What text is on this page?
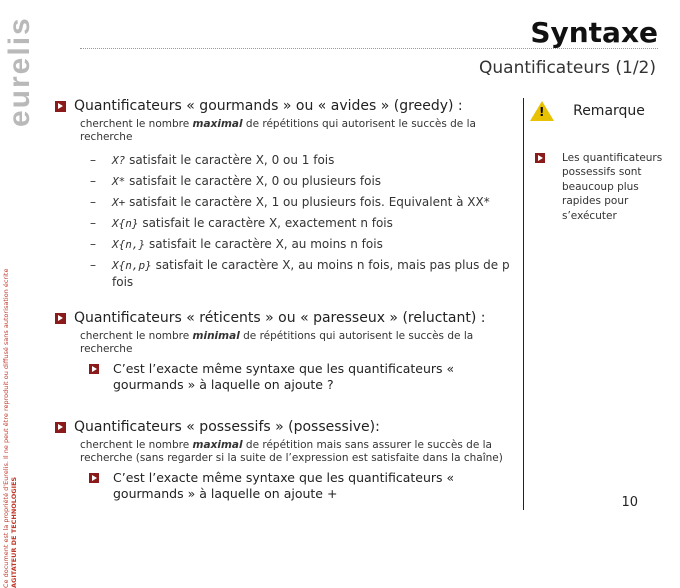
eurelis
Ce document est la propriété d'Eurelis. Il ne peut être reproduit ou diffusé sans autorisation écrite AGITATEUR DE TECHNOLOGIES
Syntaxe
Quantificateurs (1/2)
Quantificateurs « gourmands » ou « avides » (greedy) :
cherchent le nombre maximal de répétitions qui autorisent le succès de la recherche
– X? satisfait le caractère X, 0 ou 1 fois
– X* satisfait le caractère X, 0 ou plusieurs fois
– X+ satisfait le caractère X, 1 ou plusieurs fois. Equivalent à XX*
– X{n} satisfait le caractère X, exactement n fois
– X{n,} satisfait le caractère X, au moins n fois
– X{n,p} satisfait le caractère X, au moins n fois, mais pas plus de p fois
Quantificateurs « réticents » ou « paresseux » (reluctant) :
cherchent le nombre minimal de répétitions qui autorisent le succès de la recherche
C’est l’exacte même syntaxe que les quantificateurs « gourmands » à laquelle on ajoute ?
Quantificateurs « possessifs » (possessive):
cherchent le nombre maximal de répétition mais sans assurer le succès de la recherche (sans regarder si la suite de l’expression est satisfaite dans la chaîne)
C’est l’exacte même syntaxe que les quantificateurs « gourmands » à laquelle on ajoute +
! Remarque
Les quantificateurs possessifs sont beaucoup plus rapides pour s’exécuter
10
